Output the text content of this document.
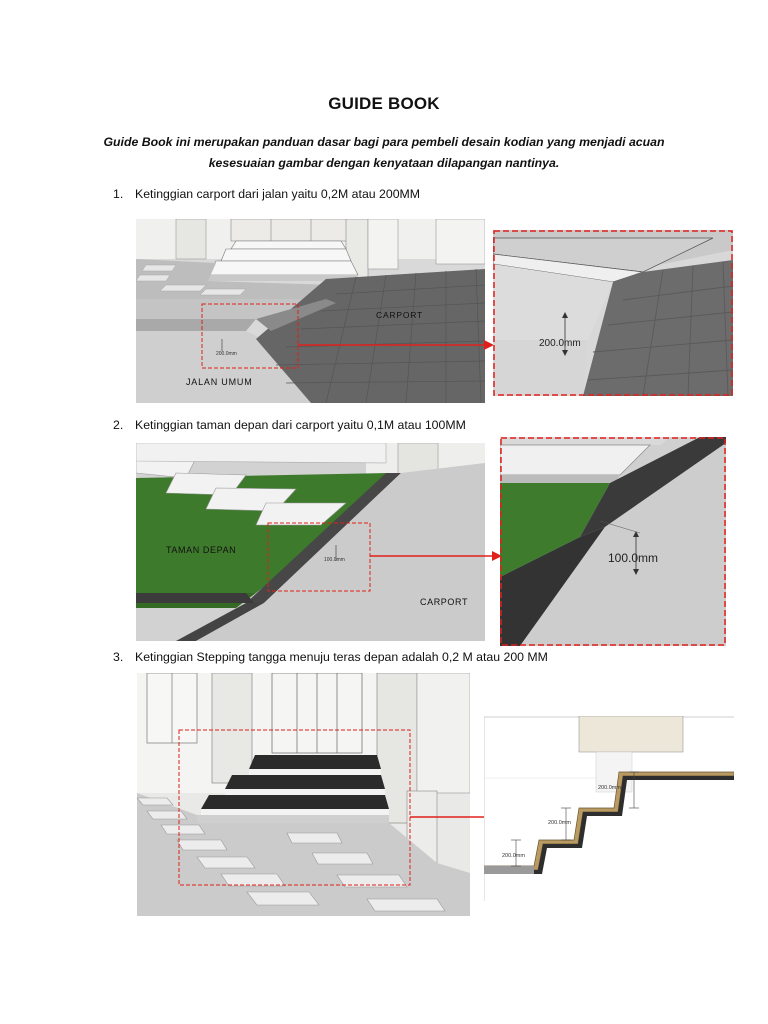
GUIDE BOOK
Guide Book ini merupakan panduan dasar bagi para pembeli desain kodian yang menjadi acuan
kesesuaian gambar dengan kenyataan dilapangan nantinya.
1. Ketinggian carport dari jalan yaitu 0,2M atau 200MM
200.0mm
CARPORT
JALAN UMUM
200.0mm
2. Ketinggian taman depan dari carport yaitu 0,1M atau 100MM
100.0mm
TAMAN DEPAN
CARPORT
100.0mm
3. Ketinggian Stepping tangga menuju teras depan adalah 0,2 M atau 200 MM
200.0mm
200.0mm
200.0mm
